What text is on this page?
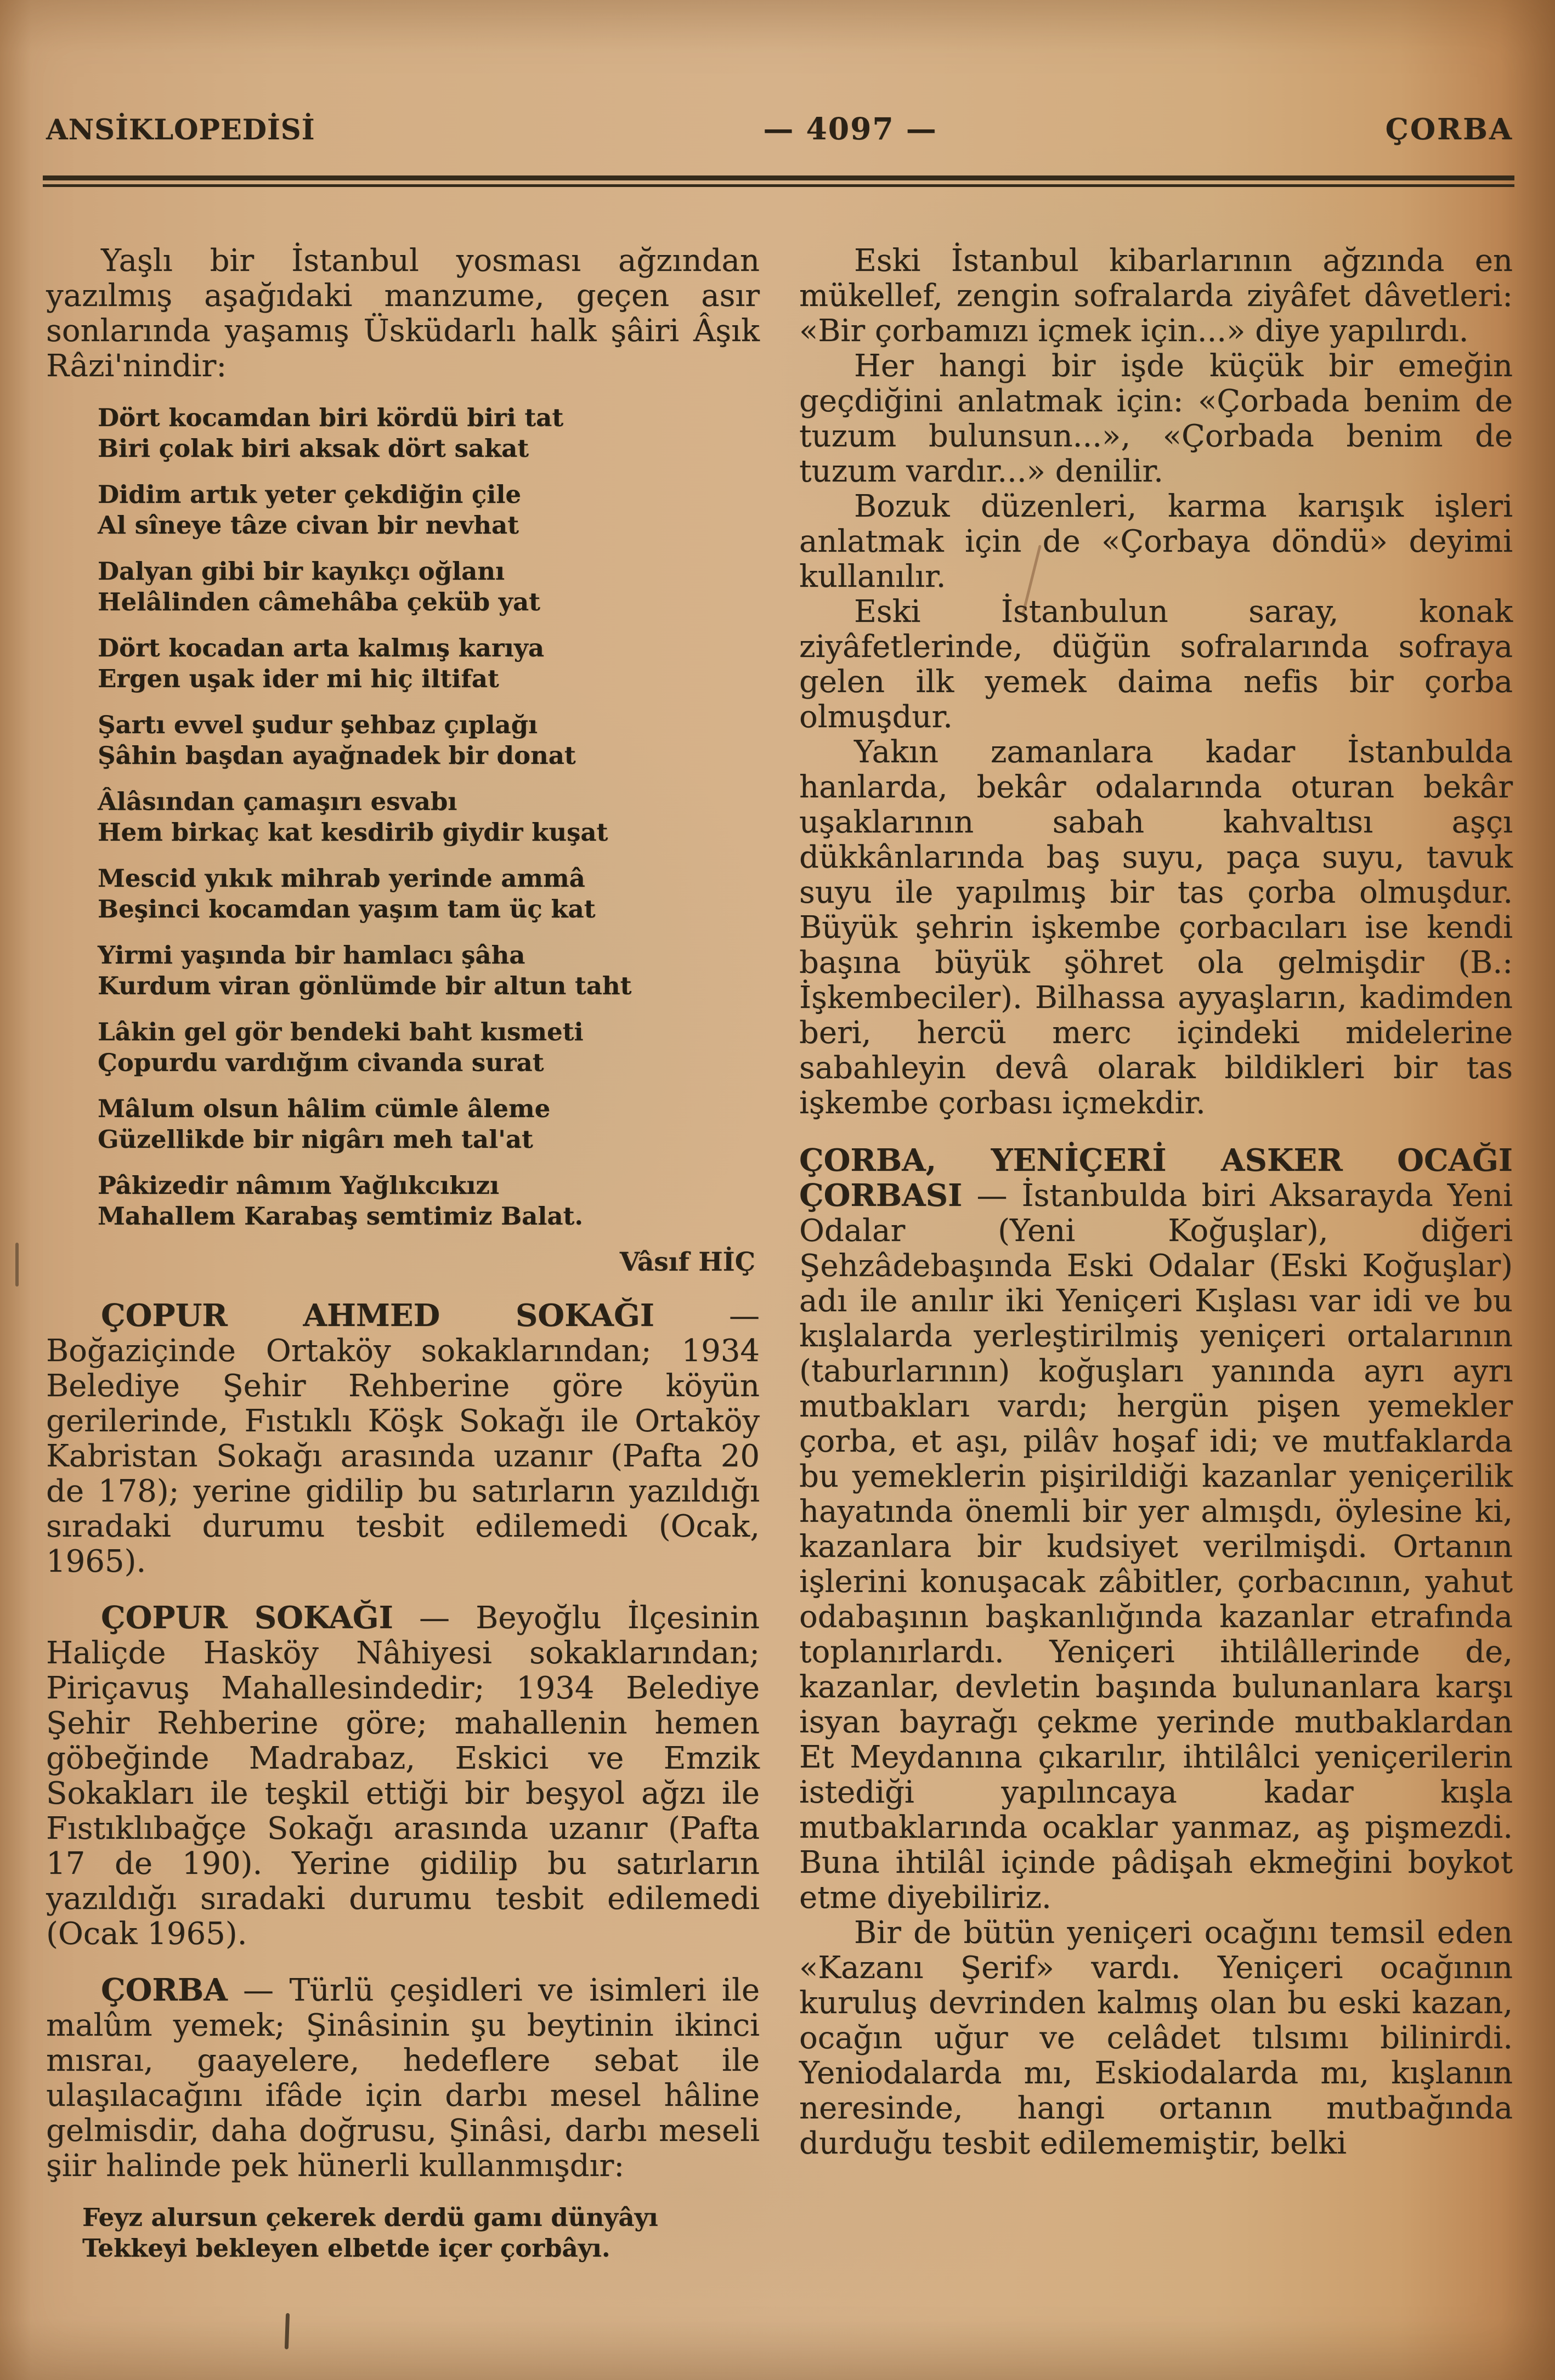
ANSİKLOPEDİSİ	— 4097 —	ÇORBA

Yaşlı bir İstanbul yosması ağzından yazılmış aşağıdaki manzume, geçen asır sonlarında yaşamış Üsküdarlı halk şâiri Âşık Râzi'nindir:

Dört kocamdan biri kördü biri tat
Biri çolak biri aksak dört sakat
Didim artık yeter çekdiğin çile
Al sîneye tâze civan bir nevhat
Dalyan gibi bir kayıkçı oğlanı
Helâlinden câmehâba çeküb yat
Dört kocadan arta kalmış karıya
Ergen uşak ider mi hiç iltifat
Şartı evvel şudur şehbaz çıplağı
Şâhin başdan ayağnadek bir donat
Âlâsından çamaşırı esvabı
Hem birkaç kat kesdirib giydir kuşat
Mescid yıkık mihrab yerinde ammâ
Beşinci kocamdan yaşım tam üç kat
Yirmi yaşında bir hamlacı şâha
Kurdum viran gönlümde bir altun taht
Lâkin gel gör bendeki baht kısmeti
Çopurdu vardığım civanda surat
Mâlum olsun hâlim cümle âleme
Güzellikde bir nigârı meh tal'at
Pâkizedir nâmım Yağlıkcıkızı
Mahallem Karabaş semtimiz Balat.
Vâsıf HİÇ

ÇOPUR AHMED SOKAĞI — Boğaziçinde Ortaköy sokaklarından; 1934 Belediye Şehir Rehberine göre köyün gerilerinde, Fıstıklı Köşk Sokağı ile Ortaköy Kabristan Sokağı arasında uzanır (Pafta 20 de 178); yerine gidilip bu satırların yazıldığı sıradaki durumu tesbit edilemedi (Ocak, 1965).

ÇOPUR SOKAĞI — Beyoğlu İlçesinin Haliçde Hasköy Nâhiyesi sokaklarından; Piriçavuş Mahallesindedir; 1934 Belediye Şehir Rehberine göre; mahallenin hemen göbeğinde Madrabaz, Eskici ve Emzik Sokakları ile teşkil ettiği bir beşyol ağzı ile Fıstıklıbağçe Sokağı arasında uzanır (Pafta 17 de 190). Yerine gidilip bu satırların yazıldığı sıradaki durumu tesbit edilemedi (Ocak 1965).

ÇORBA — Türlü çeşidleri ve isimleri ile malûm yemek; Şinâsinin şu beytinin ikinci mısraı, gaayelere, hedeflere sebat ile ulaşılacağını ifâde için darbı mesel hâline gelmisdir, daha doğrusu, Şinâsi, darbı meseli şiir halinde pek hünerli kullanmışdır:

Feyz alursun çekerek derdü gamı dünyâyı
Tekkeyi bekleyen elbetde içer çorbâyı.

Eski İstanbul kibarlarının ağzında en mükellef, zengin sofralarda ziyâfet dâvetleri: «Bir çorbamızı içmek için...» diye yapılırdı.

Her hangi bir işde küçük bir emeğin geçdiğini anlatmak için: «Çorbada benim de tuzum bulunsun...», «Çorbada benim de tuzum vardır...» denilir.

Bozuk düzenleri, karma karışık işleri anlatmak için de «Çorbaya döndü» deyimi kullanılır.

Eski İstanbulun saray, konak ziyâfetlerinde, düğün sofralarında sofraya gelen ilk yemek daima nefis bir çorba olmuşdur.

Yakın zamanlara kadar İstanbulda hanlarda, bekâr odalarında oturan bekâr uşaklarının sabah kahvaltısı aşçı dükkânlarında baş suyu, paça suyu, tavuk suyu ile yapılmış bir tas çorba olmuşdur. Büyük şehrin işkembe çorbacıları ise kendi başına büyük şöhret ola gelmişdir (B.: İşkembeciler). Bilhassa ayyaşların, kadimden beri, hercü merc içindeki midelerine sabahleyin devâ olarak bildikleri bir tas işkembe çorbası içmekdir.

ÇORBA, YENİÇERİ ASKER OCAĞI

ÇORBASI — İstanbulda biri Aksarayda Yeni Odalar (Yeni Koğuşlar), diğeri Şehzâdebaşında Eski Odalar (Eski Koğuşlar) adı ile anılır iki Yeniçeri Kışlası var idi ve bu kışlalarda yerleştirilmiş yeniçeri ortalarının (taburlarının) koğuşları yanında ayrı ayrı mutbakları vardı; hergün pişen yemekler çorba, et aşı, pilâv hoşaf idi; ve mutfaklarda bu yemeklerin pişirildiği kazanlar yeniçerilik hayatında önemli bir yer almışdı, öylesine ki, kazanlara bir kudsiyet verilmişdi. Ortanın işlerini konuşacak zâbitler, çorbacının, yahut odabaşının başkanlığında kazanlar etrafında toplanırlardı. Yeniçeri ihtilâllerinde de, kazanlar, devletin başında bulunanlara karşı isyan bayrağı çekme yerinde mutbaklardan Et Meydanına çıkarılır, ihtilâlci yeniçerilerin istediği yapılıncaya kadar kışla mutbaklarında ocaklar yanmaz, aş pişmezdi. Buna ihtilâl içinde pâdişah ekmeğini boykot etme diyebiliriz.

Bir de bütün yeniçeri ocağını temsil eden «Kazanı Şerif» vardı. Yeniçeri ocağının kuruluş devrinden kalmış olan bu eski kazan, ocağın uğur ve celâdet tılsımı bilinirdi. Yeniodalarda mı, Eskiodalarda mı, kışlanın neresinde, hangi ortanın mutbağında durduğu tesbit edilememiştir, belki
